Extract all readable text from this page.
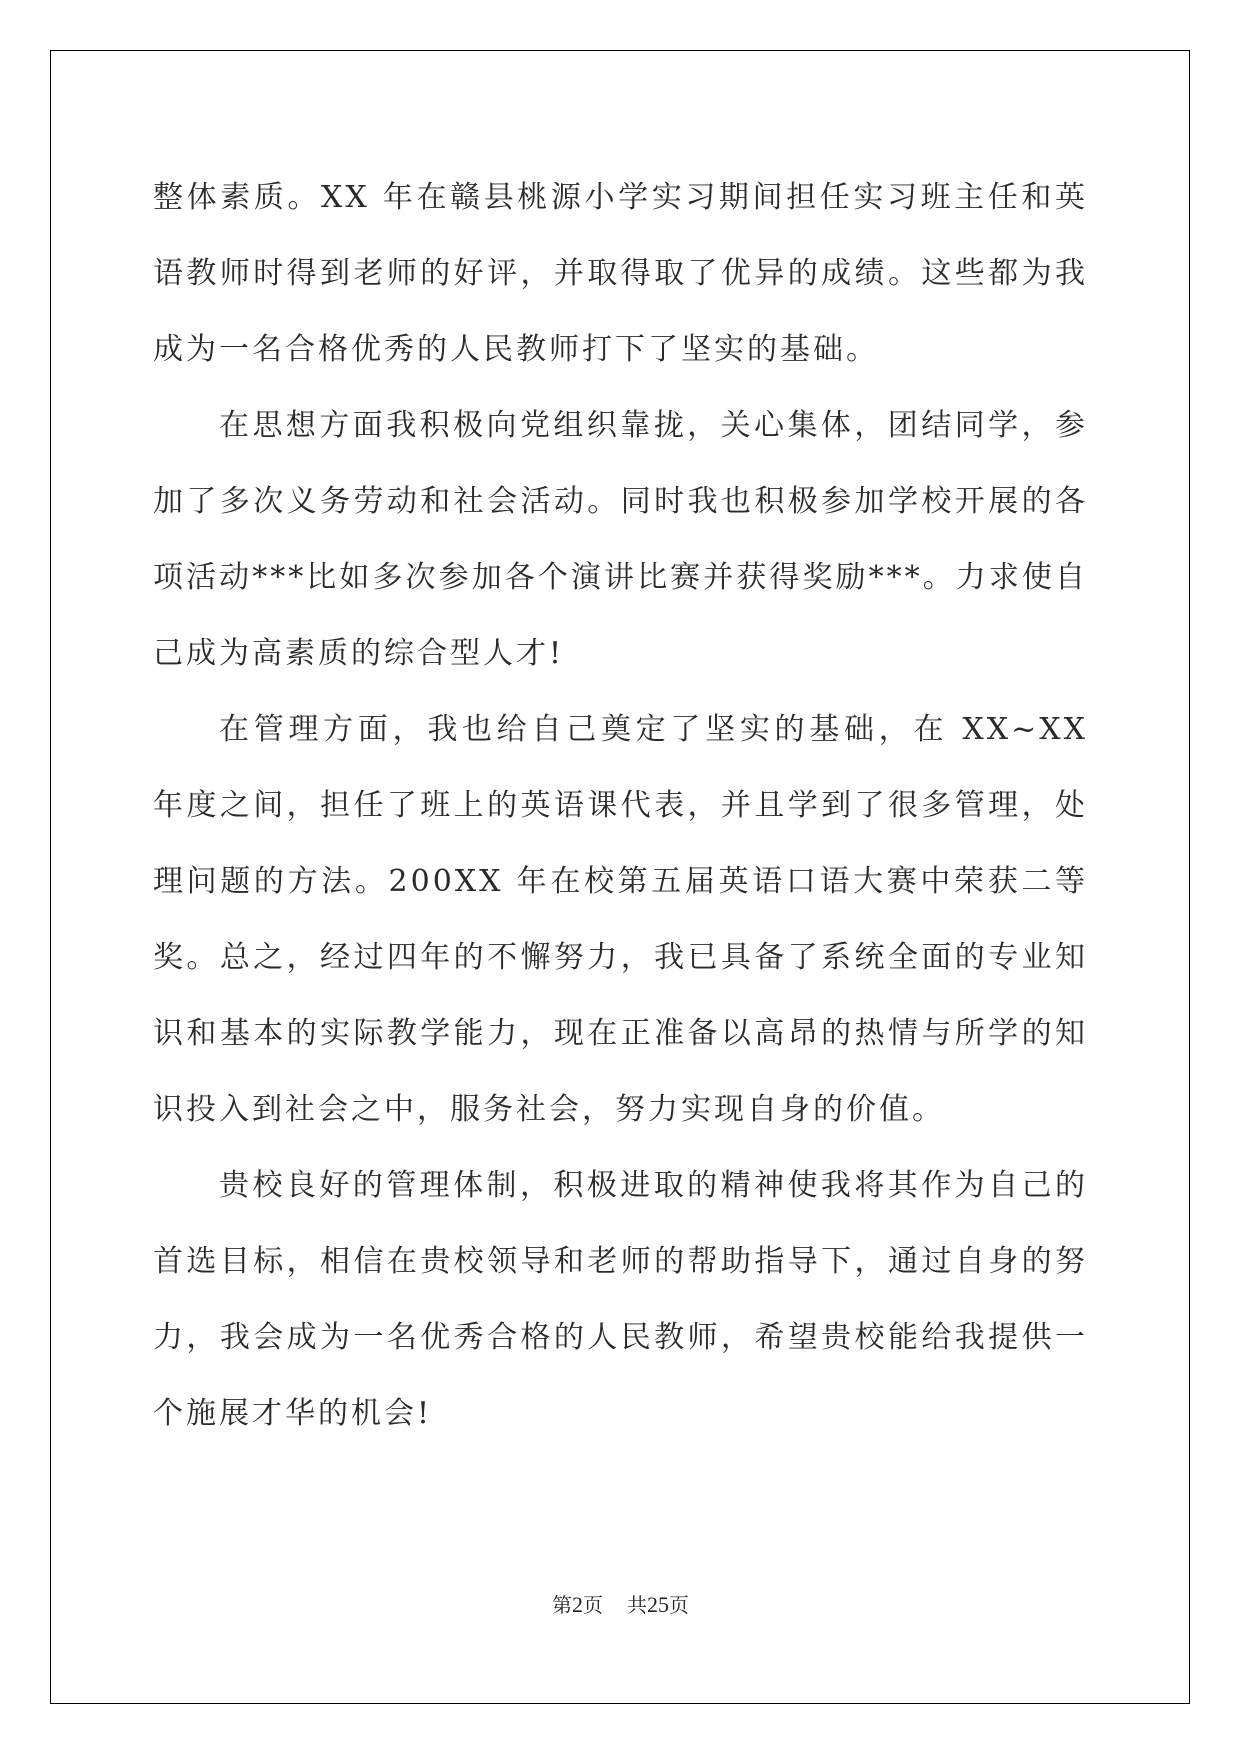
整体素质。XX 年在赣县桃源小学实习期间担任实习班主任和英语教师时得到老师的好评，并取得取了优异的成绩。这些都为我成为一名合格优秀的人民教师打下了坚实的基础。

在思想方面我积极向党组织靠拢，关心集体，团结同学，参加了多次义务劳动和社会活动。同时我也积极参加学校开展的各项活动***比如多次参加各个演讲比赛并获得奖励***。力求使自己成为高素质的综合型人才!

在管理方面，我也给自己奠定了坚实的基础，在 XX~XX 年度之间，担任了班上的英语课代表，并且学到了很多管理，处理问题的方法。200XX 年在校第五届英语口语大赛中荣获二等奖。总之，经过四年的不懈努力，我已具备了系统全面的专业知识和基本的实际教学能力，现在正准备以高昂的热情与所学的知识投入到社会之中，服务社会，努力实现自身的价值。

贵校良好的管理体制，积极进取的精神使我将其作为自己的首选目标，相信在贵校领导和老师的帮助指导下，通过自身的努力，我会成为一名优秀合格的人民教师，希望贵校能给我提供一个施展才华的机会!

第2页 共25页
